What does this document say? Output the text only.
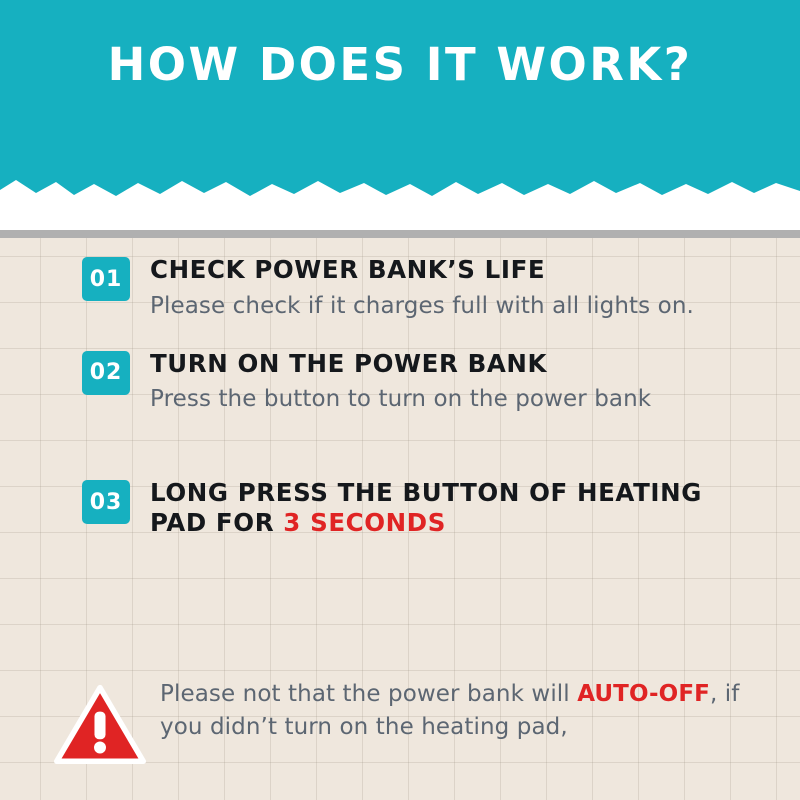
HOW DOES IT WORK?
01	CHECK POWER BANK’S LIFE
Please check if it charges full with all lights on.
02	TURN ON THE POWER BANK
Press the button to turn on the power bank
03	LONG PRESS THE BUTTON OF HEATING PAD FOR 3 SECONDS
Please not that the power bank will AUTO-OFF, if you didn’t turn on the heating pad,
